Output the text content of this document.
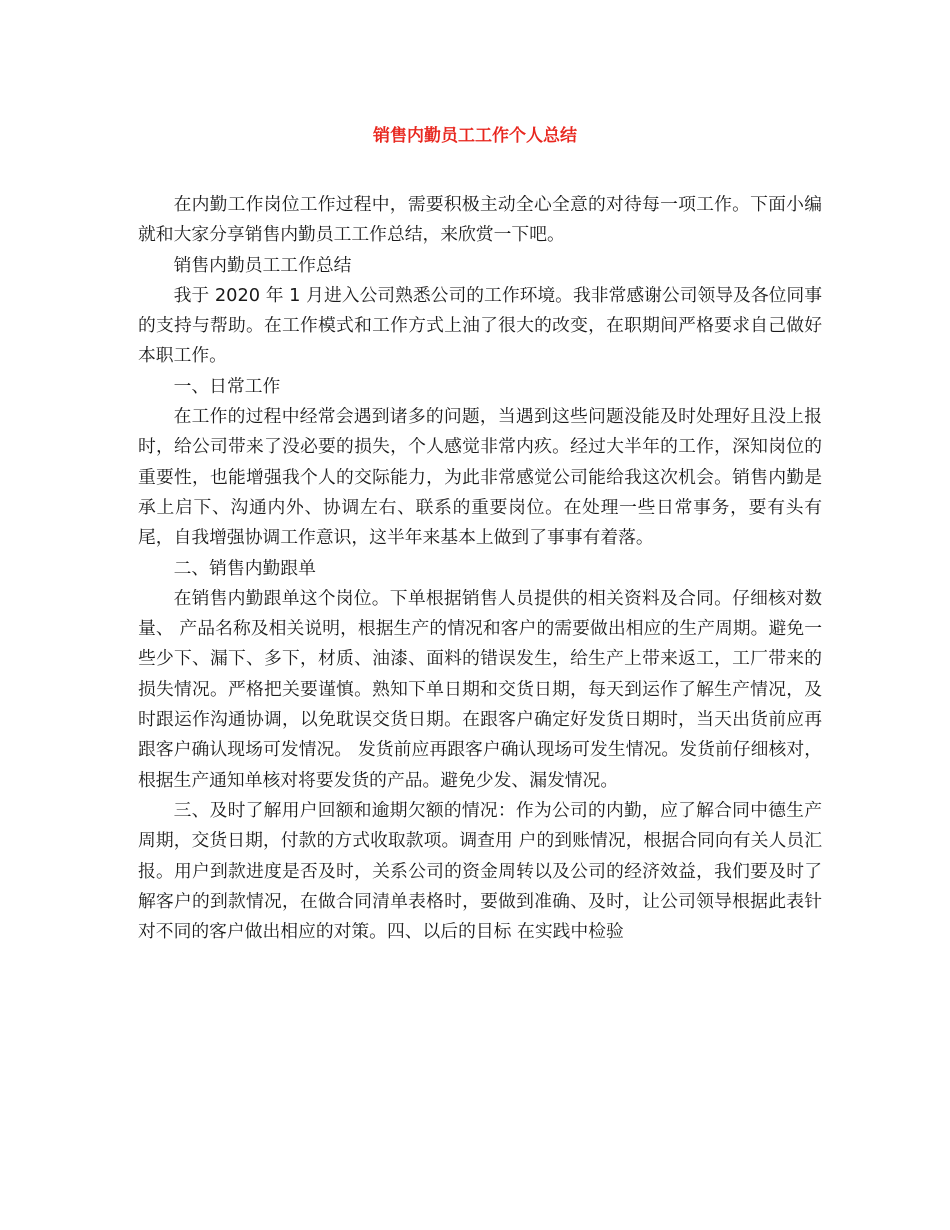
销售内勤员工工作个人总结

在内勤工作岗位工作过程中，需要积极主动全心全意的对待每一项工作。下面小编就和大家分享销售内勤员工工作总结，来欣赏一下吧。

销售内勤员工工作总结

我于 2020 年 1 月进入公司熟悉公司的工作环境。我非常感谢公司领导及各位同事的支持与帮助。在工作模式和工作方式上油了很大的改变，在职期间严格要求自己做好本职工作。

一、日常工作

在工作的过程中经常会遇到诸多的问题，当遇到这些问题没能及时处理好且没上报时，给公司带来了没必要的损失，个人感觉非常内疚。经过大半年的工作，深知岗位的重要性，也能增强我个人的交际能力，为此非常感觉公司能给我这次机会。销售内勤是承上启下、沟通内外、协调左右、联系的重要岗位。在处理一些日常事务，要有头有尾，自我增强协调工作意识，这半年来基本上做到了事事有着落。

二、销售内勤跟单

在销售内勤跟单这个岗位。下单根据销售人员提供的相关资料及合同。仔细核对数量、 产品名称及相关说明，根据生产的情况和客户的需要做出相应的生产周期。避免一些少下、漏下、多下，材质、油漆、面料的错误发生，给生产上带来返工，工厂带来的损失情况。严格把关要谨慎。熟知下单日期和交货日期，每天到运作了解生产情况，及时跟运作沟通协调，以免耽误交货日期。在跟客户确定好发货日期时，当天出货前应再跟客户确认现场可发情况。 发货前应再跟客户确认现场可发生情况。发货前仔细核对，根据生产通知单核对将要发货的产品。避免少发、漏发情况。

三、及时了解用户回额和逾期欠额的情况：作为公司的内勤，应了解合同中德生产周期，交货日期，付款的方式收取款项。调查用 户的到账情况，根据合同向有关人员汇报。用户到款进度是否及时，关系公司的资金周转以及公司的经济效益，我们要及时了解客户的到款情况，在做合同清单表格时，要做到准确、及时，让公司领导根据此表针对不同的客户做出相应的对策。四、以后的目标 在实践中检验
